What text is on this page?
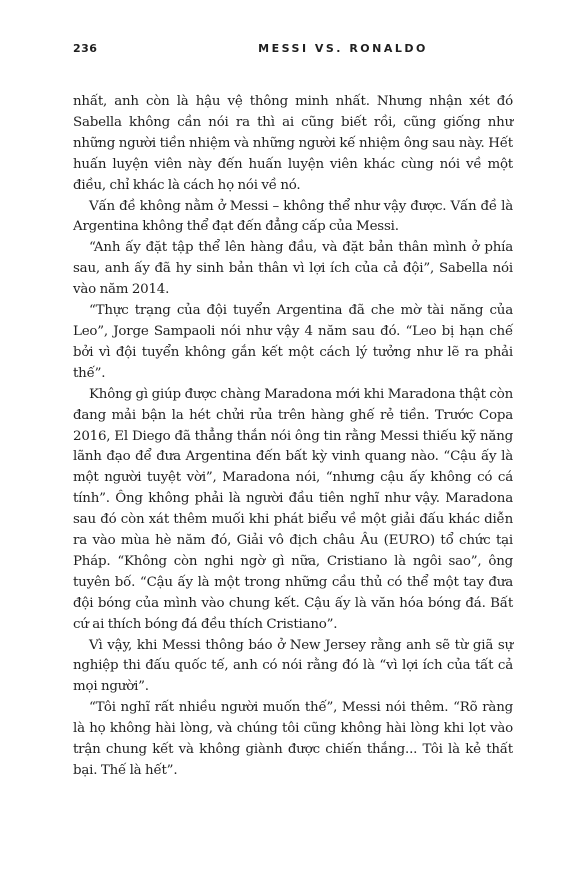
236	MESSI VS. RONALDO

nhất, anh còn là hậu vệ thông minh nhất. Nhưng nhận xét đó Sabella không cần nói ra thì ai cũng biết rồi, cũng giống như những người tiền nhiệm và những người kế nhiệm ông sau này. Hết huấn luyện viên này đến huấn luyện viên khác cùng nói về một điều, chỉ khác là cách họ nói về nó.

Vấn đề không nằm ở Messi – không thể như vậy được. Vấn đề là Argentina không thể đạt đến đẳng cấp của Messi.

“Anh ấy đặt tập thể lên hàng đầu, và đặt bản thân mình ở phía sau, anh ấy đã hy sinh bản thân vì lợi ích của cả đội”, Sabella nói vào năm 2014.

“Thực trạng của đội tuyển Argentina đã che mờ tài năng của Leo”, Jorge Sampaoli nói như vậy 4 năm sau đó. “Leo bị hạn chế bởi vì đội tuyển không gắn kết một cách lý tưởng như lẽ ra phải thế”.

Không gì giúp được chàng Maradona mới khi Maradona thật còn đang mải bận la hét chửi rủa trên hàng ghế rẻ tiền. Trước Copa 2016, El Diego đã thẳng thắn nói ông tin rằng Messi thiếu kỹ năng lãnh đạo để đưa Argentina đến bất kỳ vinh quang nào. “Cậu ấy là một người tuyệt vời”, Maradona nói, “nhưng cậu ấy không có cá tính”. Ông không phải là người đầu tiên nghĩ như vậy. Maradona sau đó còn xát thêm muối khi phát biểu về một giải đấu khác diễn ra vào mùa hè năm đó, Giải vô địch châu Âu (EURO) tổ chức tại Pháp. “Không còn nghi ngờ gì nữa, Cristiano là ngôi sao”, ông tuyên bố. “Cậu ấy là một trong những cầu thủ có thể một tay đưa đội bóng của mình vào chung kết. Cậu ấy là văn hóa bóng đá. Bất cứ ai thích bóng đá đều thích Cristiano”.

Vì vậy, khi Messi thông báo ở New Jersey rằng anh sẽ từ giã sự nghiệp thi đấu quốc tế, anh có nói rằng đó là “vì lợi ích của tất cả mọi người”.

“Tôi nghĩ rất nhiều người muốn thế”, Messi nói thêm. “Rõ ràng là họ không hài lòng, và chúng tôi cũng không hài lòng khi lọt vào trận chung kết và không giành được chiến thắng... Tôi là kẻ thất bại. Thế là hết”.
